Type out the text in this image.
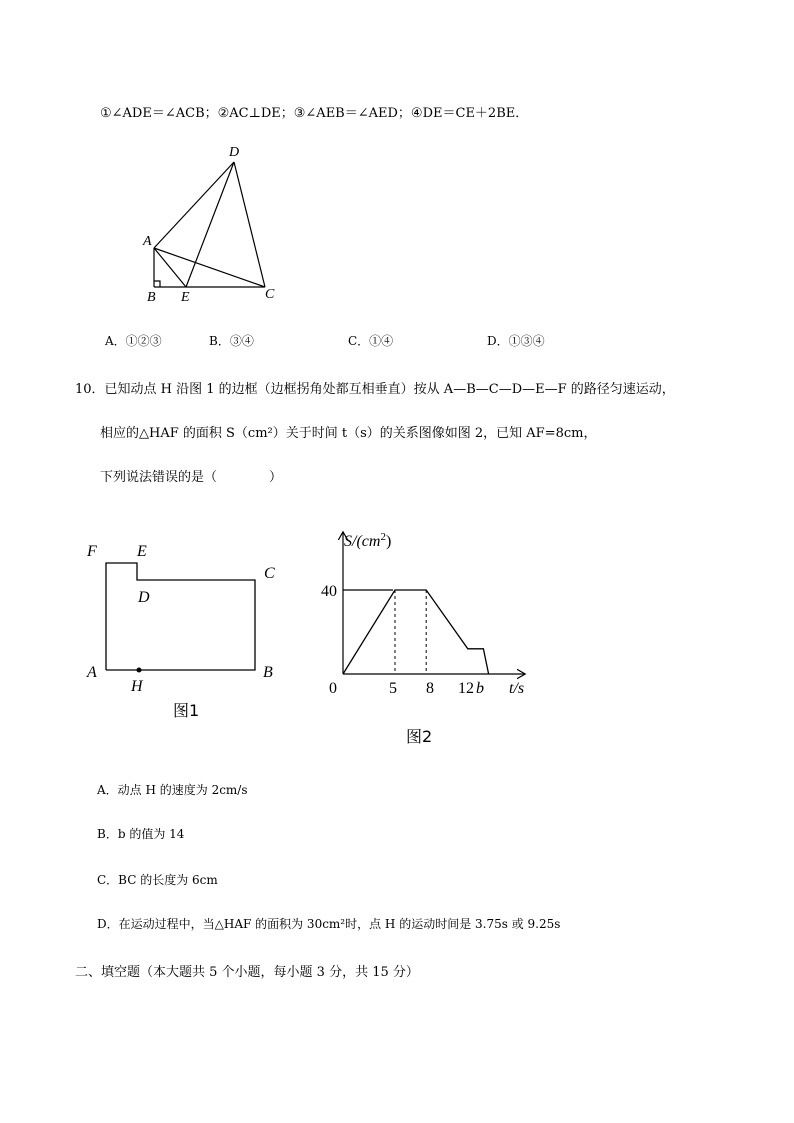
①∠ADE＝∠ACB；②AC⊥DE；③∠AEB＝∠AED；④DE＝CE＋2BE．
D
A
B E	C
A．①②③	B．③④	C．①④	D．①③④
10．已知动点 H 沿图 1 的边框（边框拐角处都互相垂直）按从 A—B—C—D—E—F 的路径匀速运动，
相应的△HAF 的面积 S（cm²）关于时间 t（s）的关系图像如图 2，已知 AF=8cm，
下列说法错误的是（　　　　）
F	E
C
D
A
H
B
图1
40
0	5 8 12 b t/s
$S/(cm^2)$
图2
A．动点 H 的速度为 2cm/s
B．b 的值为 14
C．BC 的长度为 6cm
D．在运动过程中，当△HAF 的面积为 30cm²时，点 H 的运动时间是 3.75s 或 9.25s
二、填空题（本大题共 5 个小题，每小题 3 分，共 15 分）
